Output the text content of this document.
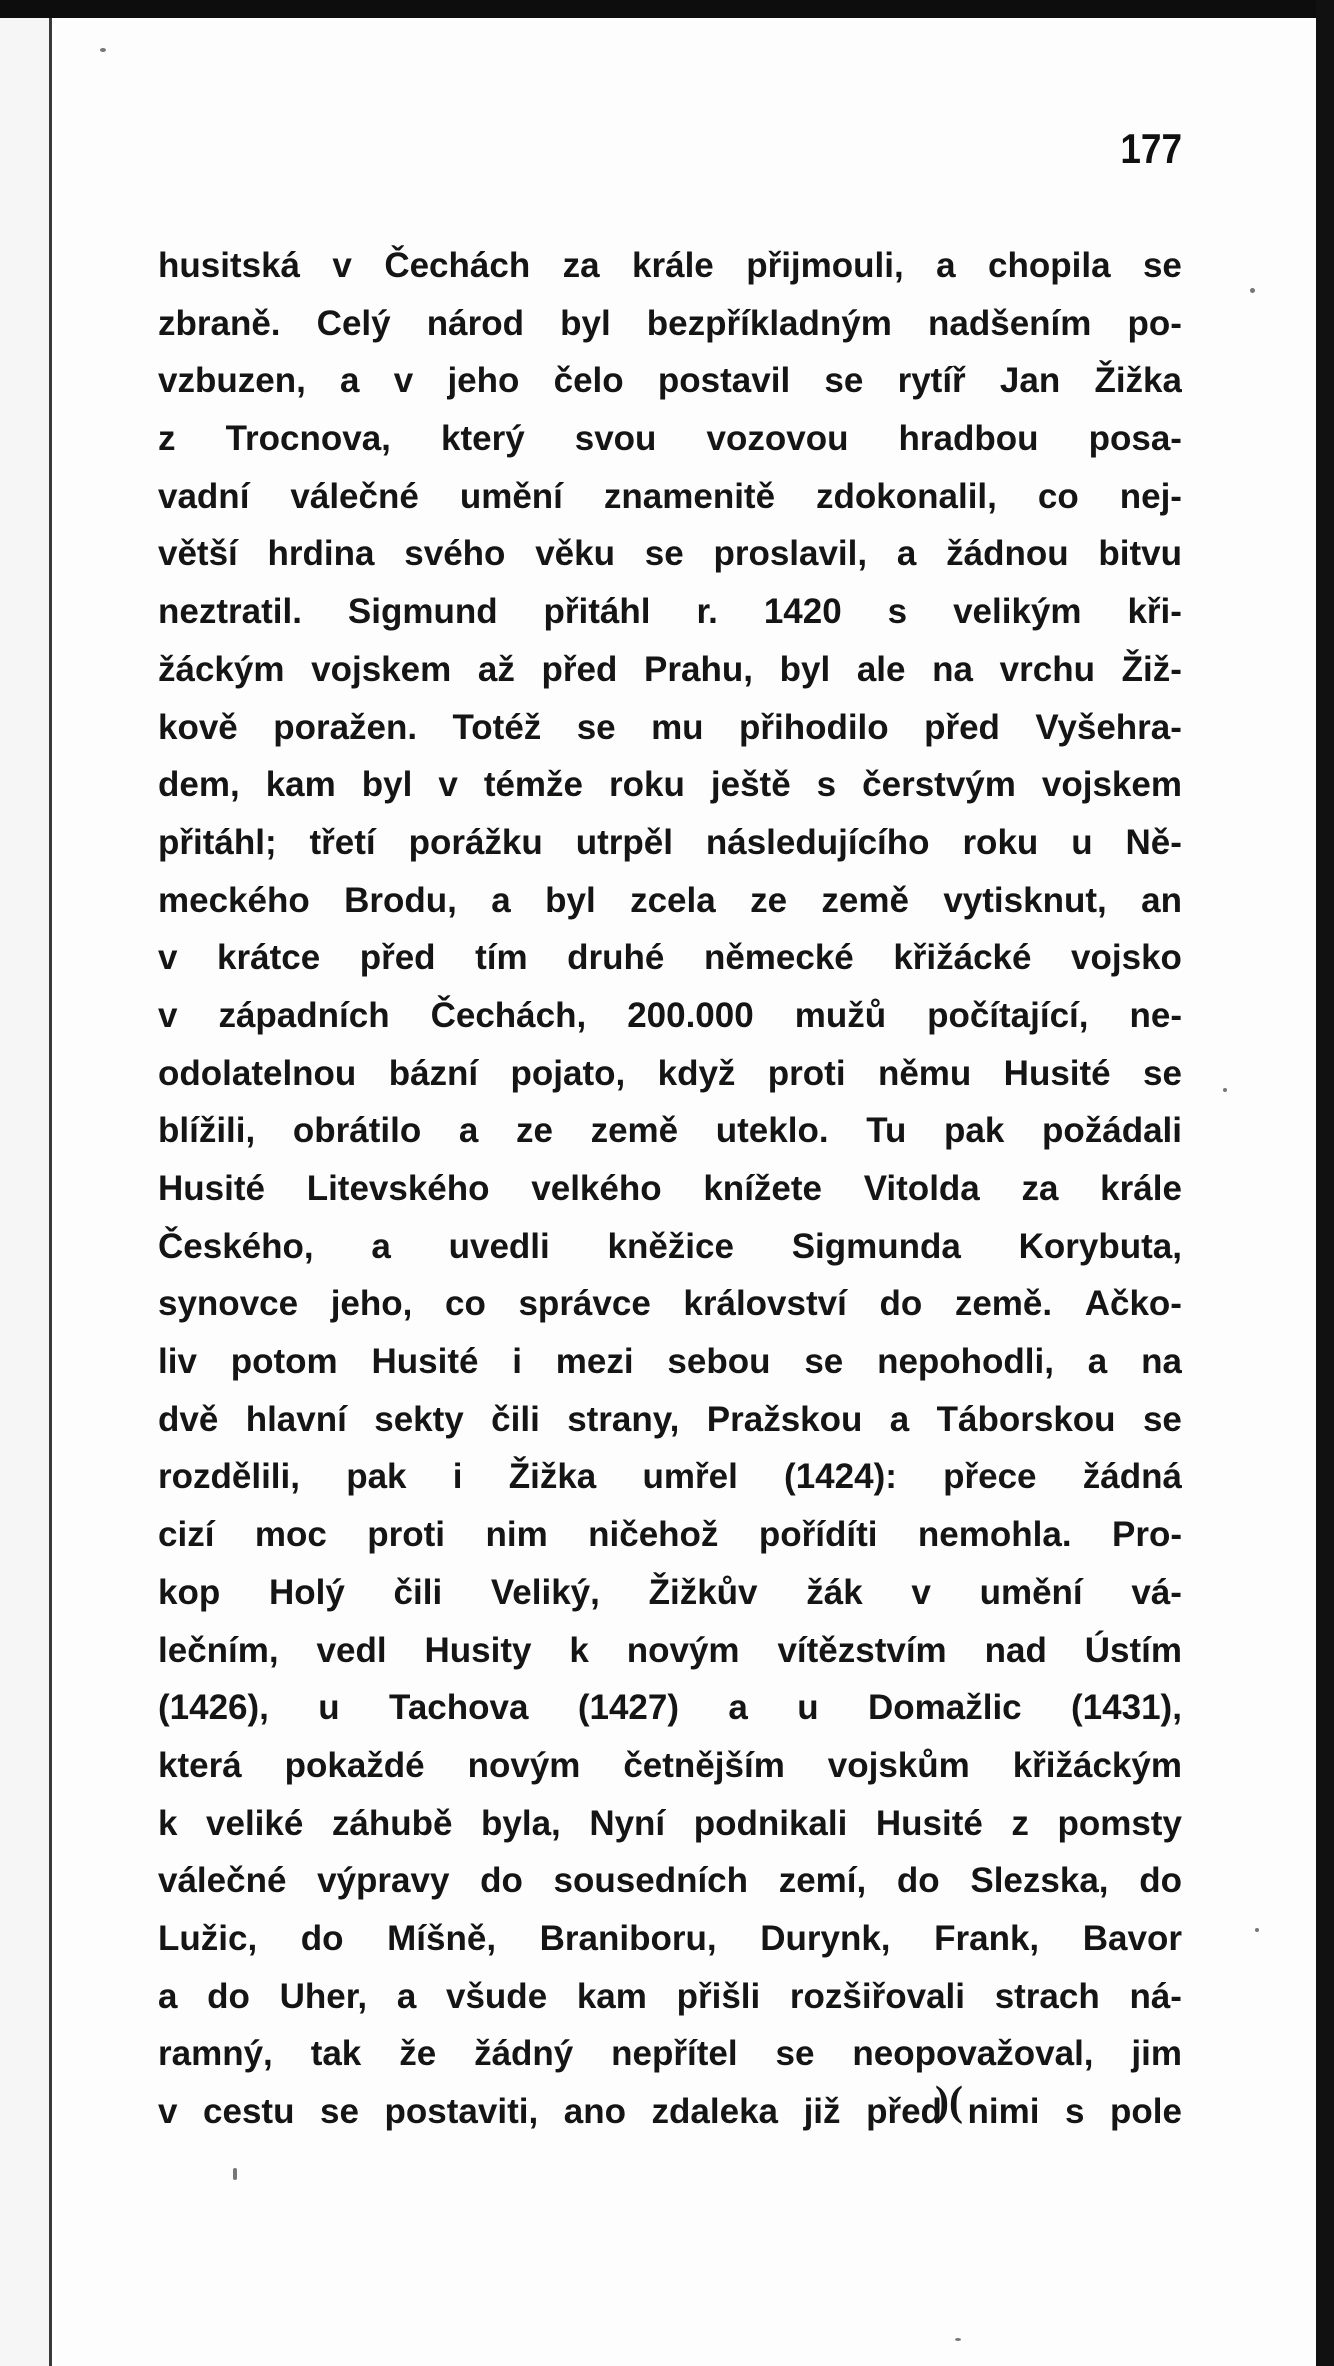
177
husitská v Čechách za krále přijmouli, a chopila se
zbraně. Celý národ byl bezpříkladným nadšením po-
vzbuzen, a v jeho čelo postavil se rytíř Jan Žižka
z Trocnova, který svou vozovou hradbou posa-
vadní válečné umění znamenitě zdokonalil, co nej-
větší hrdina svého věku se proslavil, a žádnou bitvu
neztratil. Sigmund přitáhl r. 1420 s velikým kři-
žáckým vojskem až před Prahu, byl ale na vrchu Žiž-
kově poražen. Totéž se mu přihodilo před Vyšehra-
dem, kam byl v témže roku ještě s čerstvým vojskem
přitáhl; třetí porážku utrpěl následujícího roku u Ně-
meckého Brodu, a byl zcela ze země vytisknut, an
v krátce před tím druhé německé křižácké vojsko
v západních Čechách, 200.000 mužů počítající, ne-
odolatelnou bázní pojato, když proti němu Husité se
blížili, obrátilo a ze země uteklo. Tu pak požádali
Husité Litevského velkého knížete Vitolda za krále
Českého, a uvedli kněžice Sigmunda Korybuta,
synovce jeho, co správce království do země. Ačko-
liv potom Husité i mezi sebou se nepohodli, a na
dvě hlavní sekty čili strany, Pražskou a Táborskou se
rozdělili, pak i Žižka umřel (1424): přece žádná
cizí moc proti nim ničehož pořídíti nemohla. Pro-
kop Holý čili Veliký, Žižkův žák v umění vá-
lečním, vedl Husity k novým vítězstvím nad Ústím
(1426), u Tachova (1427) a u Domažlic (1431),
která pokaždé novým četnějším vojskům křižáckým
k veliké záhubě byla, Nyní podnikali Husité z pomsty
válečné výpravy do sousedních zemí, do Slezska, do
Lužic, do Míšně, Braniboru, Durynk, Frank, Bavor
a do Uher, a všude kam přišli rozšiřovali strach ná-
ramný, tak že žádný nepřítel se neopovažoval, jim
v cestu se postaviti, ano zdaleka již před nimi s pole
)(
